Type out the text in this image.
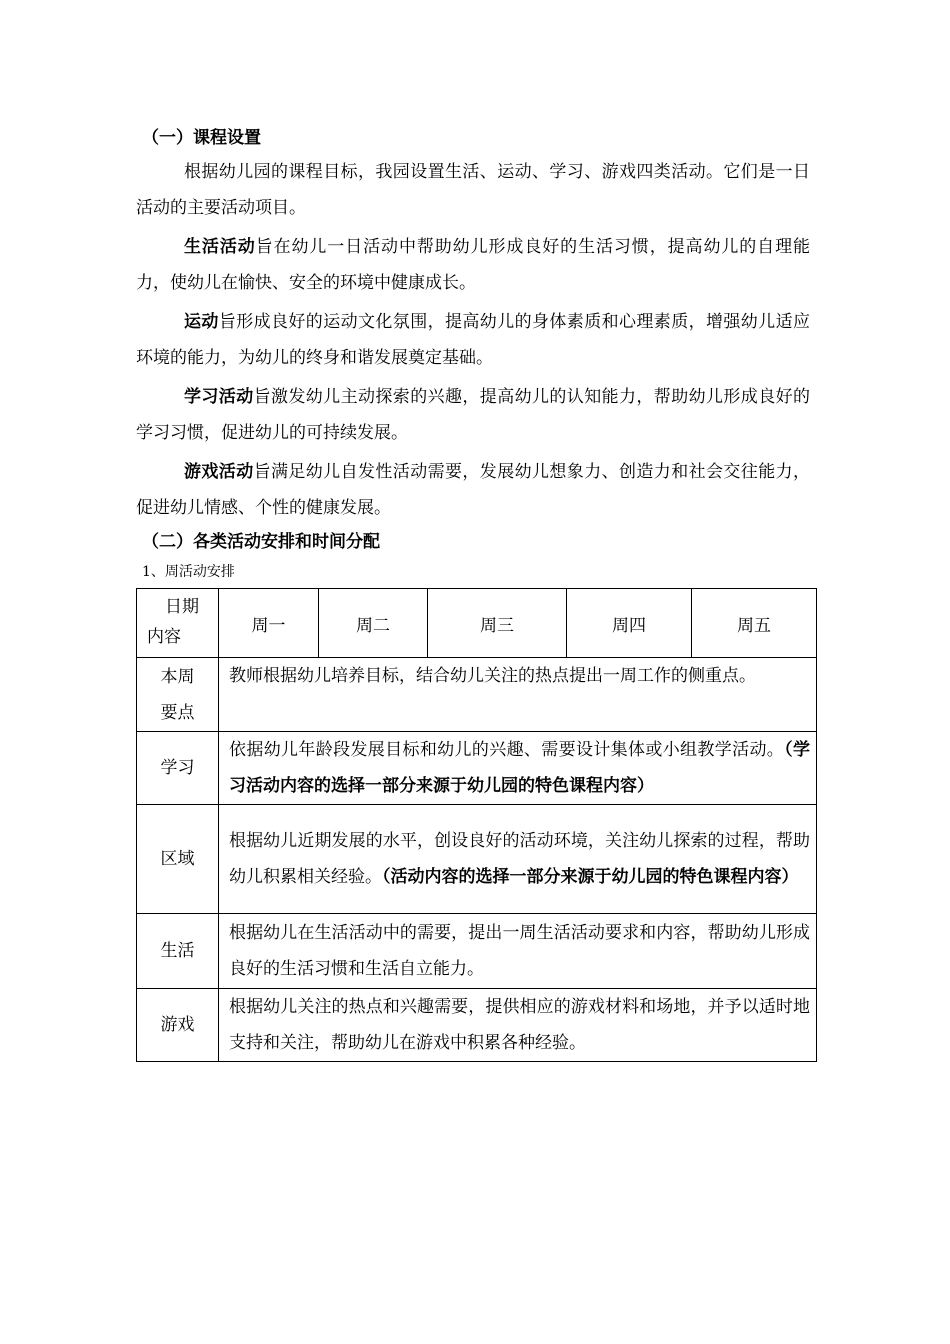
（一）课程设置

根据幼儿园的课程目标，我园设置生活、运动、学习、游戏四类活动。它们是一日活动的主要活动项目。

生活活动旨在幼儿一日活动中帮助幼儿形成良好的生活习惯，提高幼儿的自理能力，使幼儿在愉快、安全的环境中健康成长。

运动旨形成良好的运动文化氛围，提高幼儿的身体素质和心理素质，增强幼儿适应环境的能力，为幼儿的终身和谐发展奠定基础。

学习活动旨激发幼儿主动探索的兴趣，提高幼儿的认知能力，帮助幼儿形成良好的学习习惯，促进幼儿的可持续发展。

游戏活动旨满足幼儿自发性活动需要，发展幼儿想象力、创造力和社会交往能力，促进幼儿情感、个性的健康发展。

（二）各类活动安排和时间分配
1、周活动安排
日期
内容	周一	周二	周三	周四	周五
本周要点	教师根据幼儿培养目标，结合幼儿关注的热点提出一周工作的侧重点。				
学习	依据幼儿年龄段发展目标和幼儿的兴趣、需要设计集体或小组教学活动。（学习活动内容的选择一部分来源于幼儿园的特色课程内容）				
区域	根据幼儿近期发展的水平，创设良好的活动环境，关注幼儿探索的过程，帮助幼儿积累相关经验。（活动内容的选择一部分来源于幼儿园的特色课程内容）				
生活	根据幼儿在生活活动中的需要，提出一周生活活动要求和内容，帮助幼儿形成良好的生活习惯和生活自立能力。				
游戏	根据幼儿关注的热点和兴趣需要，提供相应的游戏材料和场地，并予以适时地支持和关注，帮助幼儿在游戏中积累各种经验。				
